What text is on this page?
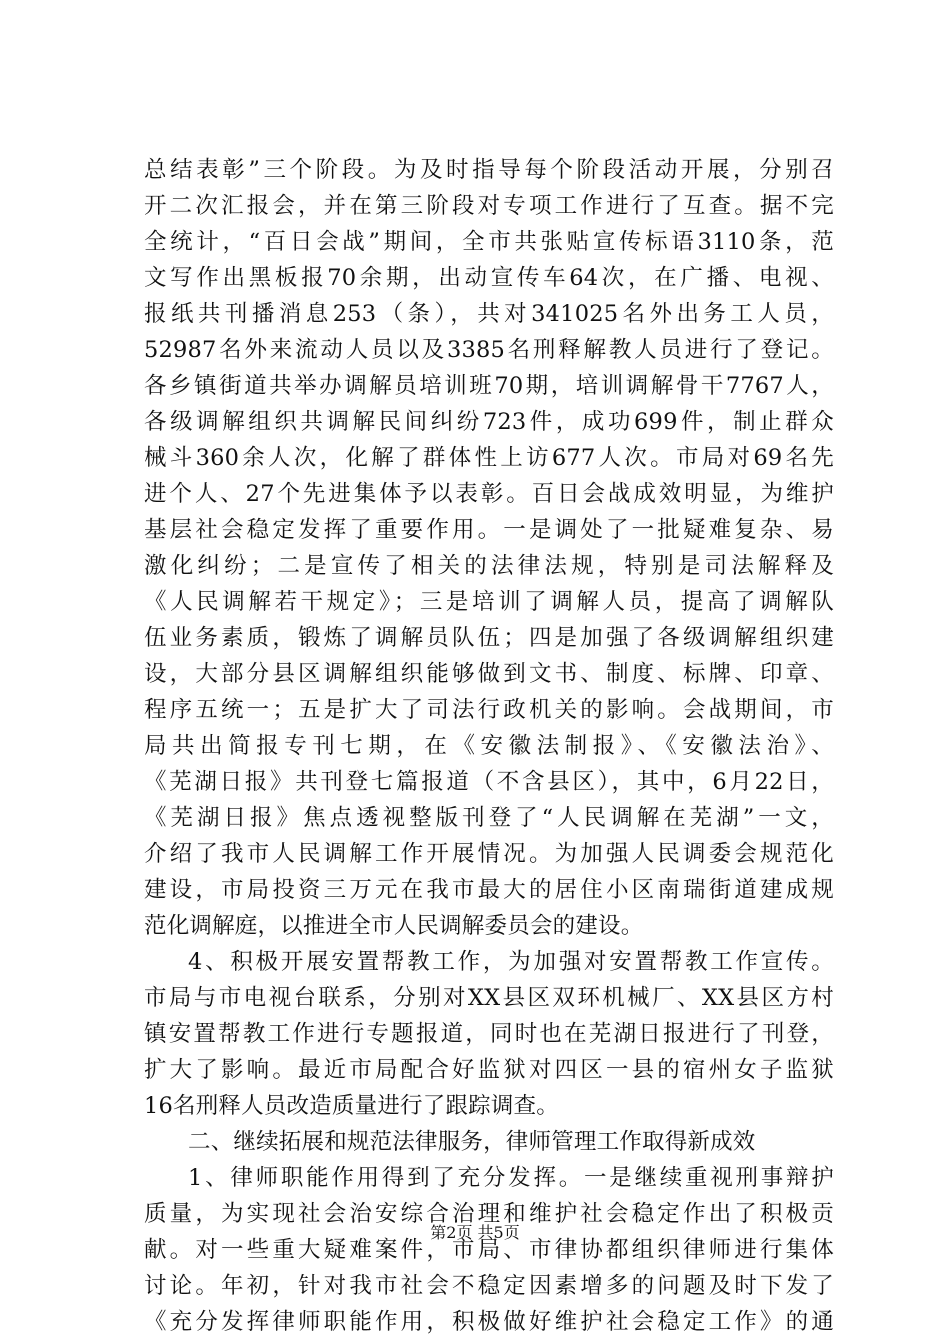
总结表彰”三个阶段。为及时指导每个阶段活动开展，分别召
开二次汇报会，并在第三阶段对专项工作进行了互查。据不完
全统计，“百日会战”期间，全市共张贴宣传标语3110条，范
文写作出黑板报70余期，出动宣传车64次，在广播、电视、
报纸共刊播消息253（条），共对341025名外出务工人员，
52987名外来流动人员以及3385名刑释解教人员进行了登记。
各乡镇街道共举办调解员培训班70期，培训调解骨干7767人，
各级调解组织共调解民间纠纷723件，成功699件，制止群众
械斗360余人次，化解了群体性上访677人次。市局对69名先
进个人、27个先进集体予以表彰。百日会战成效明显，为维护
基层社会稳定发挥了重要作用。一是调处了一批疑难复杂、易
激化纠纷；二是宣传了相关的法律法规，特别是司法解释及
《人民调解若干规定》；三是培训了调解人员，提高了调解队
伍业务素质，锻炼了调解员队伍；四是加强了各级调解组织建
设，大部分县区调解组织能够做到文书、制度、标牌、印章、
程序五统一；五是扩大了司法行政机关的影响。会战期间，市
局共出简报专刊七期，在《安徽法制报》、《安徽法治》、
《芜湖日报》共刊登七篇报道（不含县区），其中，6月22日，
《芜湖日报》焦点透视整版刊登了“人民调解在芜湖”一文，
介绍了我市人民调解工作开展情况。为加强人民调委会规范化
建设，市局投资三万元在我市最大的居住小区南瑞街道建成规
范化调解庭，以推进全市人民调解委员会的建设。
4、积极开展安置帮教工作，为加强对安置帮教工作宣传。
市局与市电视台联系，分别对XX县区双环机械厂、XX县区方村
镇安置帮教工作进行专题报道，同时也在芜湖日报进行了刊登，
扩大了影响。最近市局配合好监狱对四区一县的宿州女子监狱
16名刑释人员改造质量进行了跟踪调查。
二、继续拓展和规范法律服务，律师管理工作取得新成效
1、律师职能作用得到了充分发挥。一是继续重视刑事辩护
质量，为实现社会治安综合治理和维护社会稳定作出了积极贡
献。对一些重大疑难案件，市局、市律协都组织律师进行集体
讨论。年初，针对我市社会不稳定因素增多的问题及时下发了
《充分发挥律师职能作用，积极做好维护社会稳定工作》的通
第2页 共5页
